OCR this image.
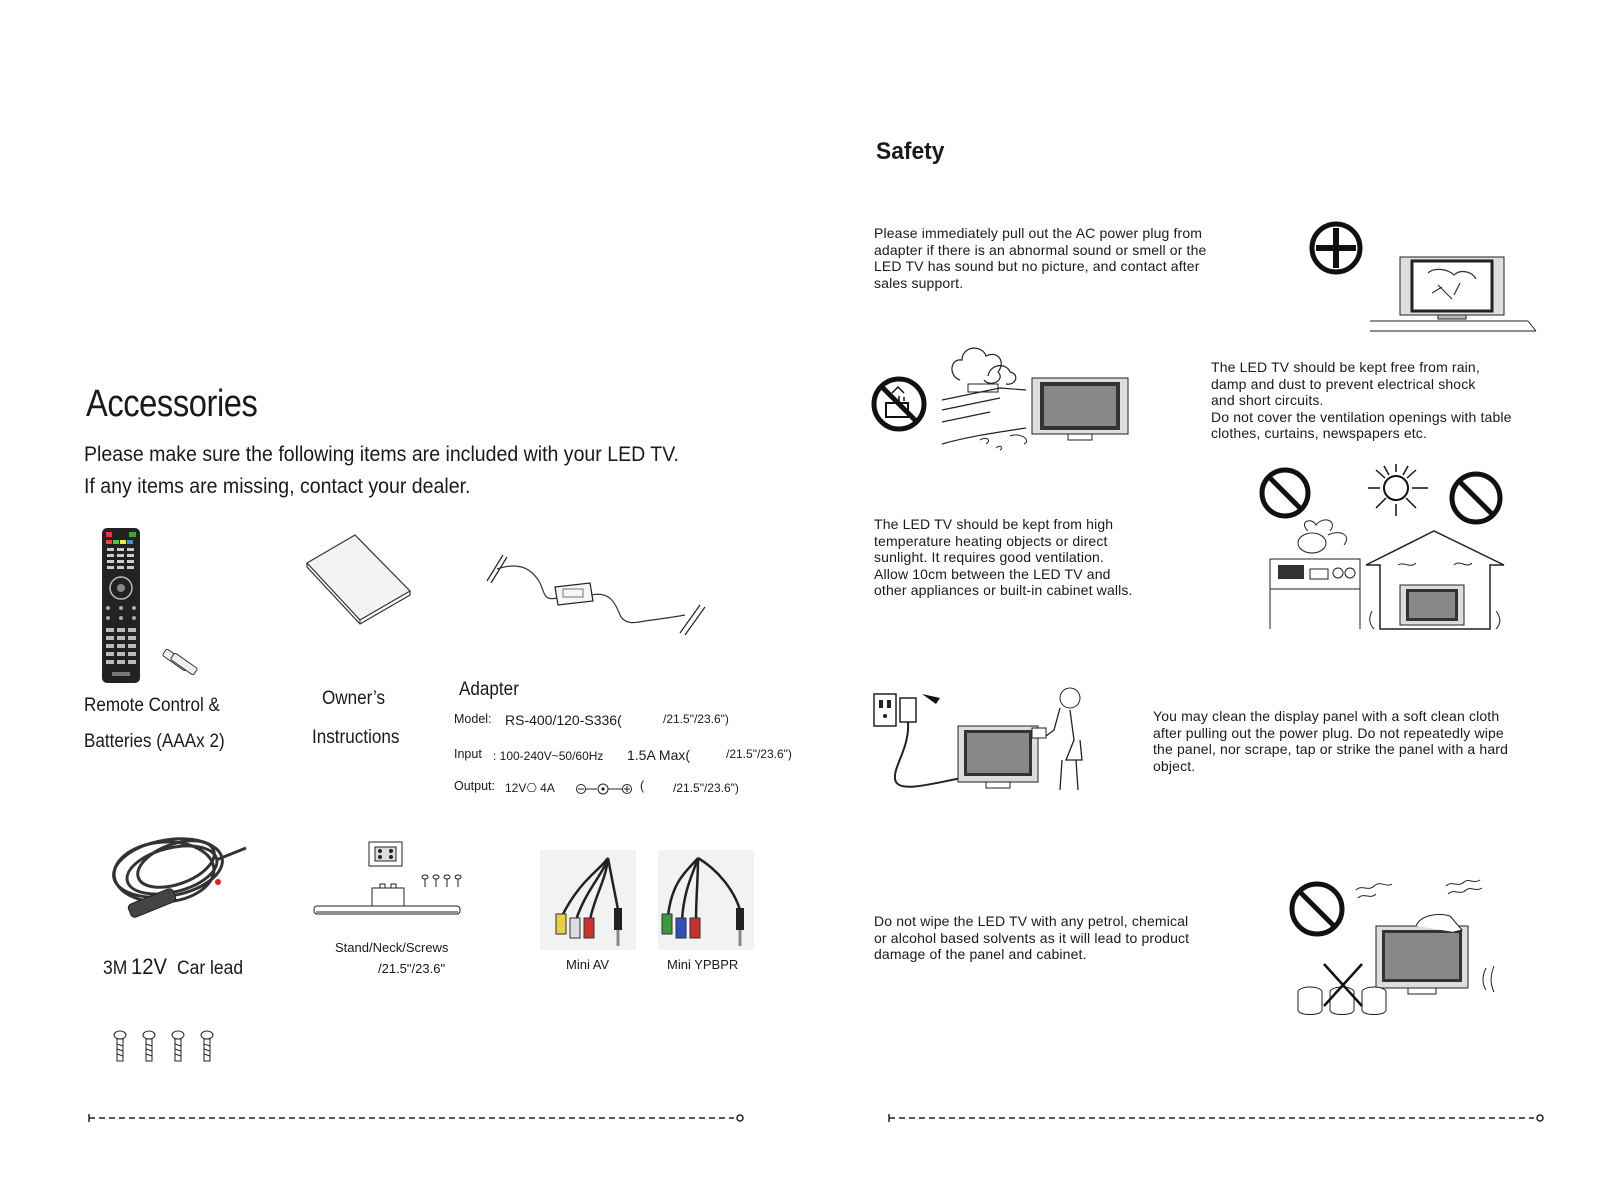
Accessories
Please make sure the following items are included with your LED TV.
If any items are missing, contact your dealer.
Remote Control &
Batteries (AAAx 2)
Owner’s
Instructions
Adapter
Model: RS-400/120-S336(	/21.5"/23.6")
Input : 100-240V~50/60Hz 1.5A Max(	/21.5"/23.6")
Output: 12V⎔ 4A	( /21.5"/23.6")
3M 12V Car lead
Stand/Neck/Screws
/21.5"/23.6"	Mini AV	Mini YPBPR
Safety
Please immediately pull out the AC power plug from
adapter if there is an abnormal sound or smell or the
LED TV has sound but no picture, and contact after
sales support.
The LED TV should be kept free from rain,
damp and dust to prevent electrical shock
and short circuits.
Do not cover the ventilation openings with table
clothes, curtains, newspapers etc.
The LED TV should be kept from high
temperature heating objects or direct
sunlight. It requires good ventilation.
Allow 10cm between the LED TV and
other appliances or built-in cabinet walls.
You may clean the display panel with a soft clean cloth
after pulling out the power plug. Do not repeatedly wipe
the panel, nor scrape, tap or strike the panel with a hard
object.
Do not wipe the LED TV with any petrol, chemical
or alcohol based solvents as it will lead to product
damage of the panel and cabinet.
